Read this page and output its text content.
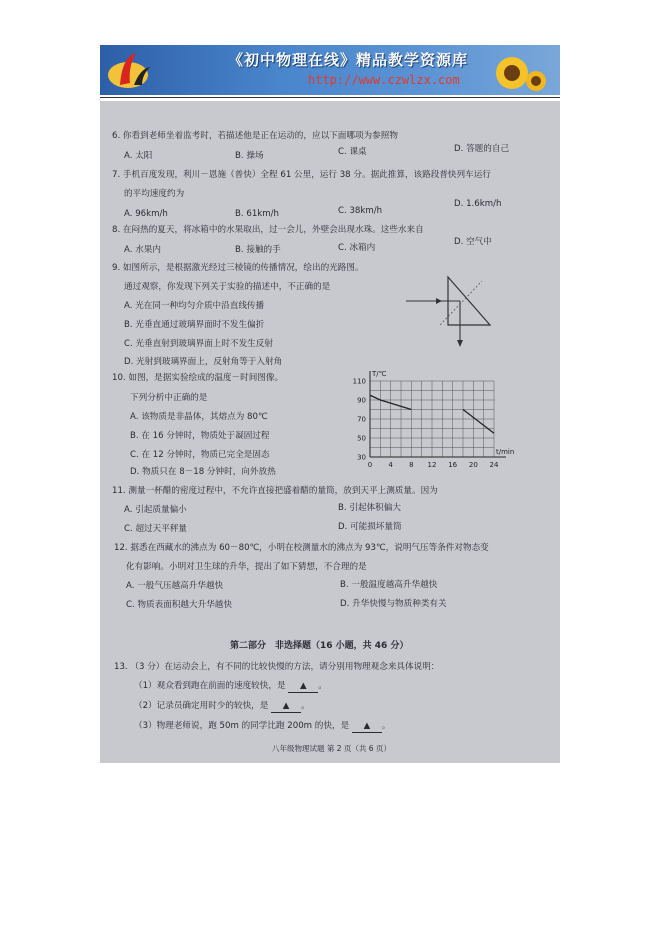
《初中物理在线》精品教学资源库
http://www.czwlzx.com
6. 你看到老师坐着监考时，若描述他是正在运动的，应以下面哪项为参照物
A. 太阳	B. 操场	C. 课桌	D. 答题的自己
7. 手机百度发现，利川－恩施（普快）全程 61 公里，运行 38 分。据此推算，该路段普快列车运行
的平均速度约为
A. 96km/h	B. 61km/h	C. 38km/h
D. 1.6km/h
8. 在闷热的夏天，将冰箱中的水果取出，过一会儿，外壁会出现水珠。这些水来自
A. 水果内	B. 接触的手	C. 冰箱内
D. 空气中
9. 如图所示，是根据激光经过三棱镜的传播情况，绘出的光路图。
通过观察，你发现下列关于实验的描述中，不正确的是
A. 光在同一种均匀介质中沿直线传播
B. 光垂直通过玻璃界面时不发生偏折
C. 光垂直射到玻璃界面上时不发生反射
D. 光射到玻璃界面上，反射角等于入射角
10. 如图，是据实验绘成的温度－时间图像。
下列分析中正确的是
A. 该物质是非晶体，其熔点为 80℃
B. 在 16 分钟时，物质处于凝固过程
C. 在 12 分钟时，物质已完全是固态
D. 物质只在 8－18 分钟时，向外放热
0 4 8 12 16 20 24
30
50
70
90
110
T/℃
t/min
11. 测量一杯醋的密度过程中，不允许直接把盛着醋的量筒，放到天平上测质量。因为
A. 引起质量偏小	B. 引起体积偏大
C. 超过天平秤量	D. 可能损坏量筒
12. 据悉在西藏水的沸点为 60－80℃，小明在校测量水的沸点为 93℃，说明气压等条件对物态变
化有影响。小明对卫生球的升华，提出了如下猜想，不合理的是
A. 一般气压越高升华越快	B. 一般温度越高升华越快
C. 物质表面积越大升华越快	D. 升华快慢与物质种类有关
第二部分　非选择题（16 小题，共 46 分）
13. （3 分）在运动会上，有不同的比较快慢的方法，请分别用物理观念来具体说明：
（1）观众看到跑在前面的速度较快，是 ▲ 。
（2）记录员确定用时少的较快，是 ▲ 。
（3）物理老师说，跑 50m 的同学比跑 200m 的快，是 ▲ 。
八年级物理试题 第 2 页（共 6 页）
